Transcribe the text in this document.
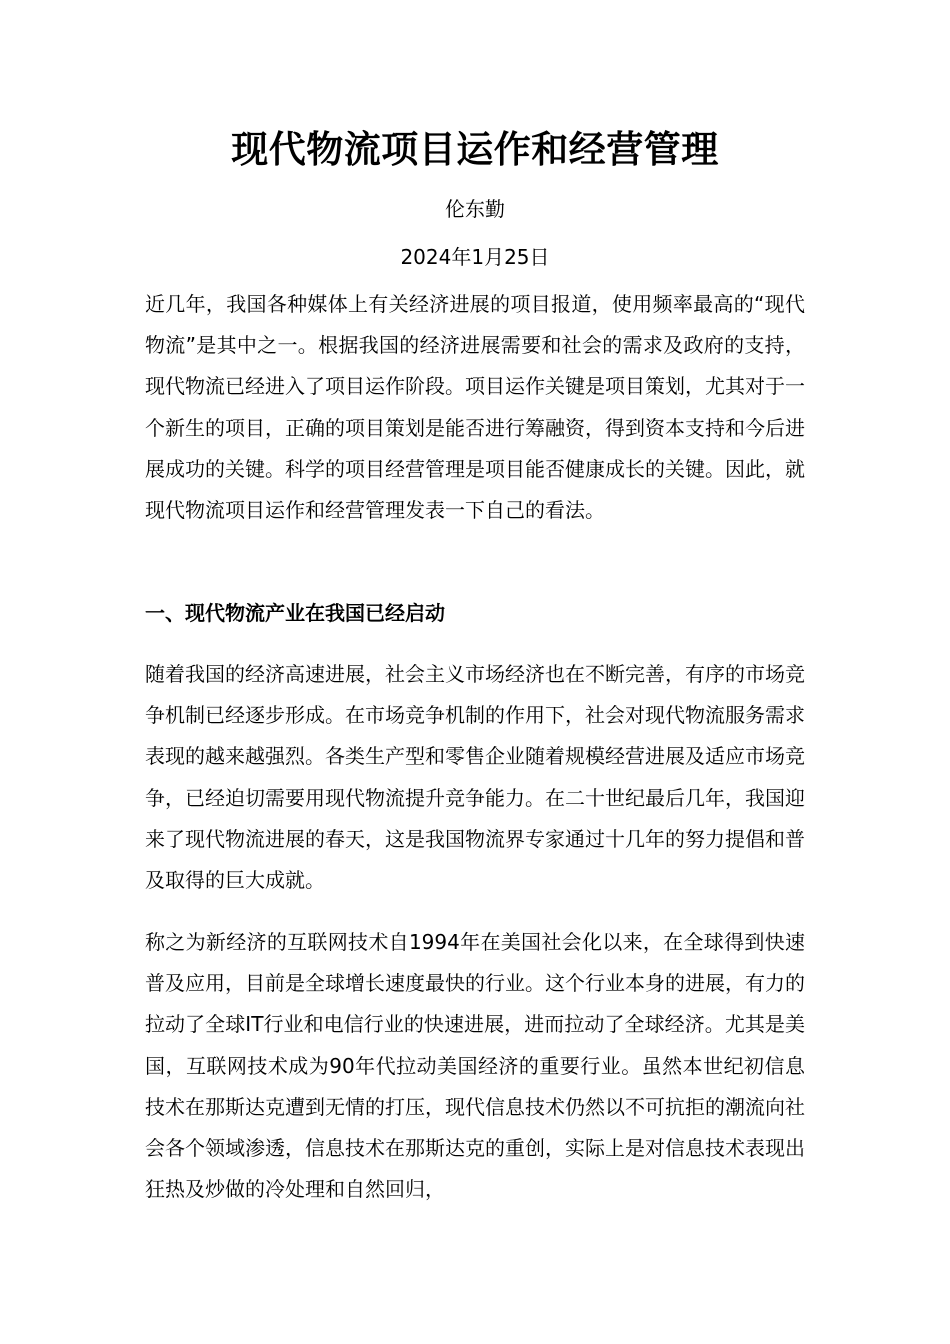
现代物流项目运作和经营管理
伦东勤
2024年1月25日
近几年，我国各种媒体上有关经济进展的项目报道，使用频率最高的“现代物流”是其中之一。根据我国的经济进展需要和社会的需求及政府的支持，现代物流已经进入了项目运作阶段。项目运作关键是项目策划，尤其对于一个新生的项目，正确的项目策划是能否进行筹融资，得到资本支持和今后进展成功的关键。科学的项目经营管理是项目能否健康成长的关键。因此，就现代物流项目运作和经营管理发表一下自己的看法。
一、现代物流产业在我国已经启动
随着我国的经济高速进展，社会主义市场经济也在不断完善，有序的市场竞争机制已经逐步形成。在市场竞争机制的作用下，社会对现代物流服务需求表现的越来越强烈。各类生产型和零售企业随着规模经营进展及适应市场竞争，已经迫切需要用现代物流提升竞争能力。在二十世纪最后几年，我国迎来了现代物流进展的春天，这是我国物流界专家通过十几年的努力提倡和普及取得的巨大成就。
称之为新经济的互联网技术自1994年在美国社会化以来，在全球得到快速普及应用，目前是全球增长速度最快的行业。这个行业本身的进展，有力的拉动了全球IT行业和电信行业的快速进展，进而拉动了全球经济。尤其是美国，互联网技术成为90年代拉动美国经济的重要行业。虽然本世纪初信息技术在那斯达克遭到无情的打压，现代信息技术仍然以不可抗拒的潮流向社会各个领域渗透，信息技术在那斯达克的重创，实际上是对信息技术表现出狂热及炒做的冷处理和自然回归，
